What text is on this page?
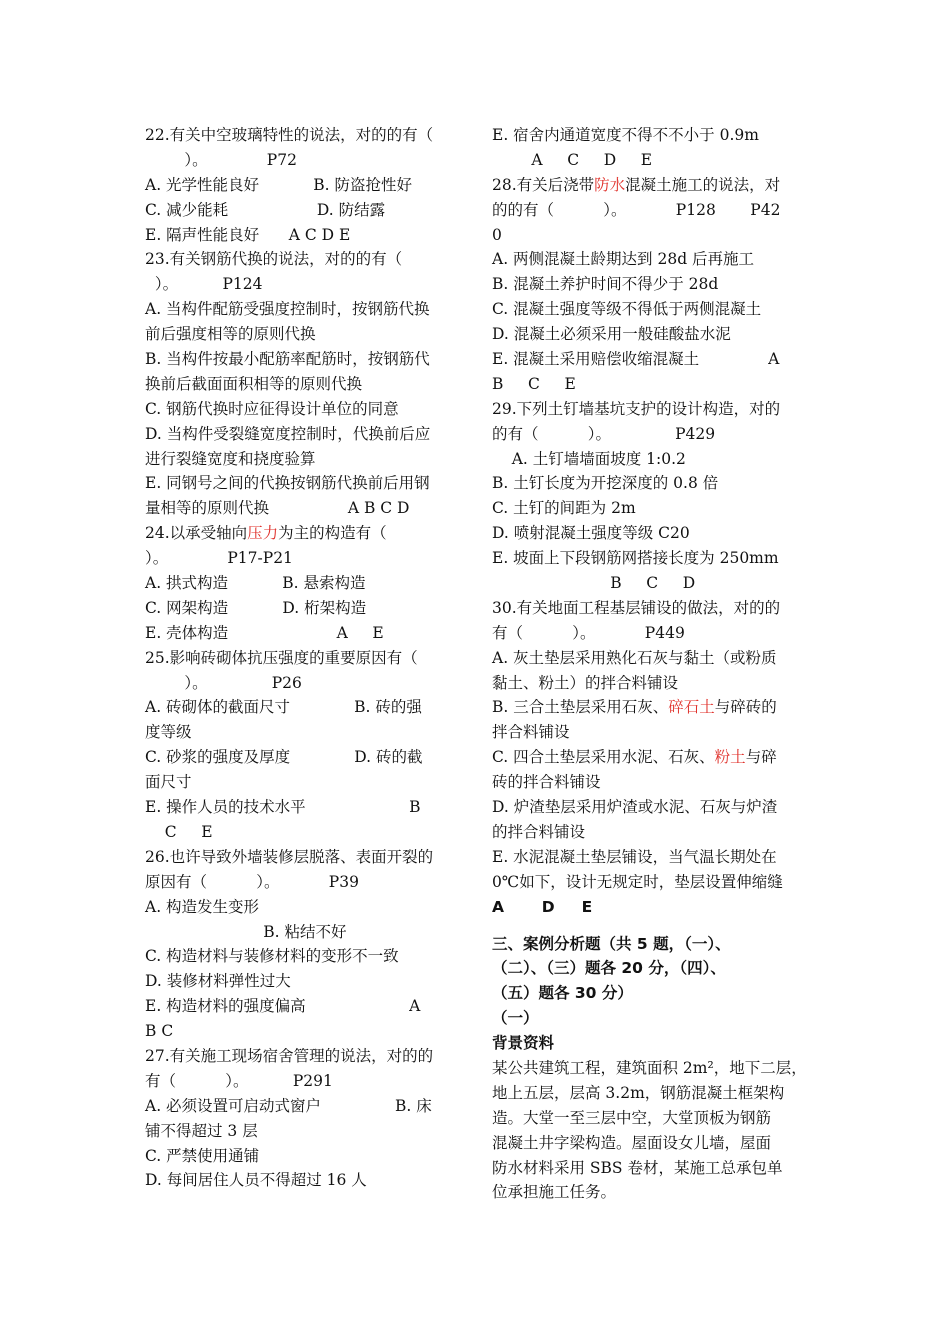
22.有关中空玻璃特性的说法，对的的有（
）。            P72
A. 光学性能良好           B. 防盗抢性好
C. 减少能耗                  D. 防结露
E. 隔声性能良好      A C D E
23.有关钢筋代换的说法，对的的有（
）。         P124
A. 当构件配筋受强度控制时，按钢筋代换
前后强度相等的原则代换
B. 当构件按最小配筋率配筋时，按钢筋代
换前后截面面积相等的原则代换
C. 钢筋代换时应征得设计单位的同意
D. 当构件受裂缝宽度控制时，代换前后应
进行裂缝宽度和挠度验算
E. 同钢号之间的代换按钢筋代换前后用钢
量相等的原则代换                A B C D
24.以承受轴向压力为主的构造有（
）。            P17-P21
A. 拱式构造           B. 悬索构造
C. 网架构造           D. 桁架构造
E. 壳体构造                      A     E
25.影响砖砌体抗压强度的重要原因有（
）。             P26
A. 砖砌体的截面尺寸             B. 砖的强
度等级
C. 砂浆的强度及厚度             D. 砖的截
面尺寸
E. 操作人员的技术水平                     B
C     E
26.也许导致外墙装修层脱落、表面开裂的
原因有（          ）。          P39
A. 构造发生变形
B. 粘结不好
C. 构造材料与装修材料的变形不一致
D. 装修材料弹性过大
E. 构造材料的强度偏高                     A
B C
27.有关施工现场宿舍管理的说法，对的的
有（          ）。         P291
A. 必须设置可启动式窗户               B. 床
铺不得超过 3 层
C. 严禁使用通铺
D. 每间居住人员不得超过 16 人
E. 宿舍内通道宽度不得不不小于 0.9m
A     C     D     E
28.有关后浇带防水混凝土施工的说法，对
的的有（          ）。          P128       P42
0
A. 两侧混凝土龄期达到 28d 后再施工
B. 混凝土养护时间不得少于 28d
C. 混凝土强度等级不得低于两侧混凝土
D. 混凝土必须采用一般硅酸盐水泥
E. 混凝土采用赔偿收缩混凝土              A
B     C     E
29.下列土钉墙基坑支护的设计构造，对的
的有（          ）。             P429
A. 土钉墙墙面坡度 1:0.2
B. 土钉长度为开挖深度的 0.8 倍
C. 土钉的间距为 2m
D. 喷射混凝土强度等级 C20
E. 坡面上下段钢筋网搭接长度为 250mm
B     C     D
30.有关地面工程基层铺设的做法，对的的
有（          ）。          P449
A. 灰土垫层采用熟化石灰与黏土（或粉质
黏土、粉土）的拌合料铺设
B. 三合土垫层采用石灰、碎石土与碎砖的
拌合料铺设
C. 四合土垫层采用水泥、石灰、粉土与碎
砖的拌合料铺设
D. 炉渣垫层采用炉渣或水泥、石灰与炉渣
的拌合料铺设
E. 水泥混凝土垫层铺设，当气温长期处在
0℃如下，设计无规定时，垫层设置伸缩缝
A       D     E
三、案例分析题（共 5 题，（一）、
（二）、（三）题各 20 分，（四）、
（五）题各 30 分）
（一）
背景资料
某公共建筑工程，建筑面积 2m²，地下二层，
地上五层，层高 3.2m，钢筋混凝土框架构
造。大堂一至三层中空，大堂顶板为钢筋
混凝土井字梁构造。屋面设女儿墙，屋面
防水材料采用 SBS 卷材，某施工总承包单
位承担施工任务。
